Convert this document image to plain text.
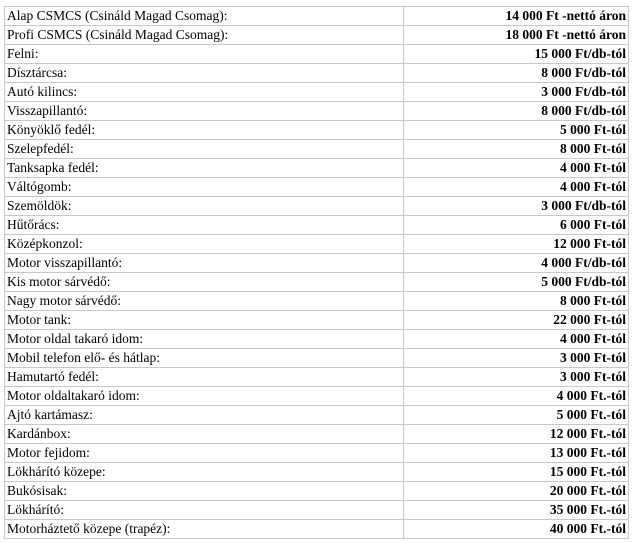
Alap CSMCS (Csináld Magad Csomag):	14 000 Ft -nettó áron
Profi CSMCS (Csináld Magad Csomag):	18 000 Ft -nettó áron
Felni:	15 000 Ft/db-tól
Dísztárcsa:	8 000 Ft/db-tól
Autó kilincs:	3 000 Ft/db-tól
Visszapillantó:	8 000 Ft/db-tól
Könyöklő fedél:	5 000 Ft-tól
Szelepfedél:	8 000 Ft-tól
Tanksapka fedél:	4 000 Ft-tól
Váltógomb:	4 000 Ft-tól
Szemöldök:	3 000 Ft/db-tól
Hűtőrács:	6 000 Ft-tól
Középkonzol:	12 000 Ft-tól
Motor visszapillantó:	4 000 Ft/db-tól
Kis motor sárvédő:	5 000 Ft/db-tól
Nagy motor sárvédő:	8 000 Ft-tól
Motor tank:	22 000 Ft-tól
Motor oldal takaró idom:	4 000 Ft-tól
Mobil telefon elő- és hátlap:	3 000 Ft-tól
Hamutartó fedél:	3 000 Ft-tól
Motor oldaltakaró idom:	4 000 Ft.-tól
Ajtó kartámasz:	5 000 Ft.-tól
Kardánbox:	12 000 Ft.-tól
Motor fejidom:	13 000 Ft.-tól
Lökhárító közepe:	15 000 Ft.-tól
Bukósisak:	20 000 Ft.-tól
Lökhárító:	35 000 Ft.-tól
Motorháztető közepe (trapéz):	40 000 Ft.-tól
